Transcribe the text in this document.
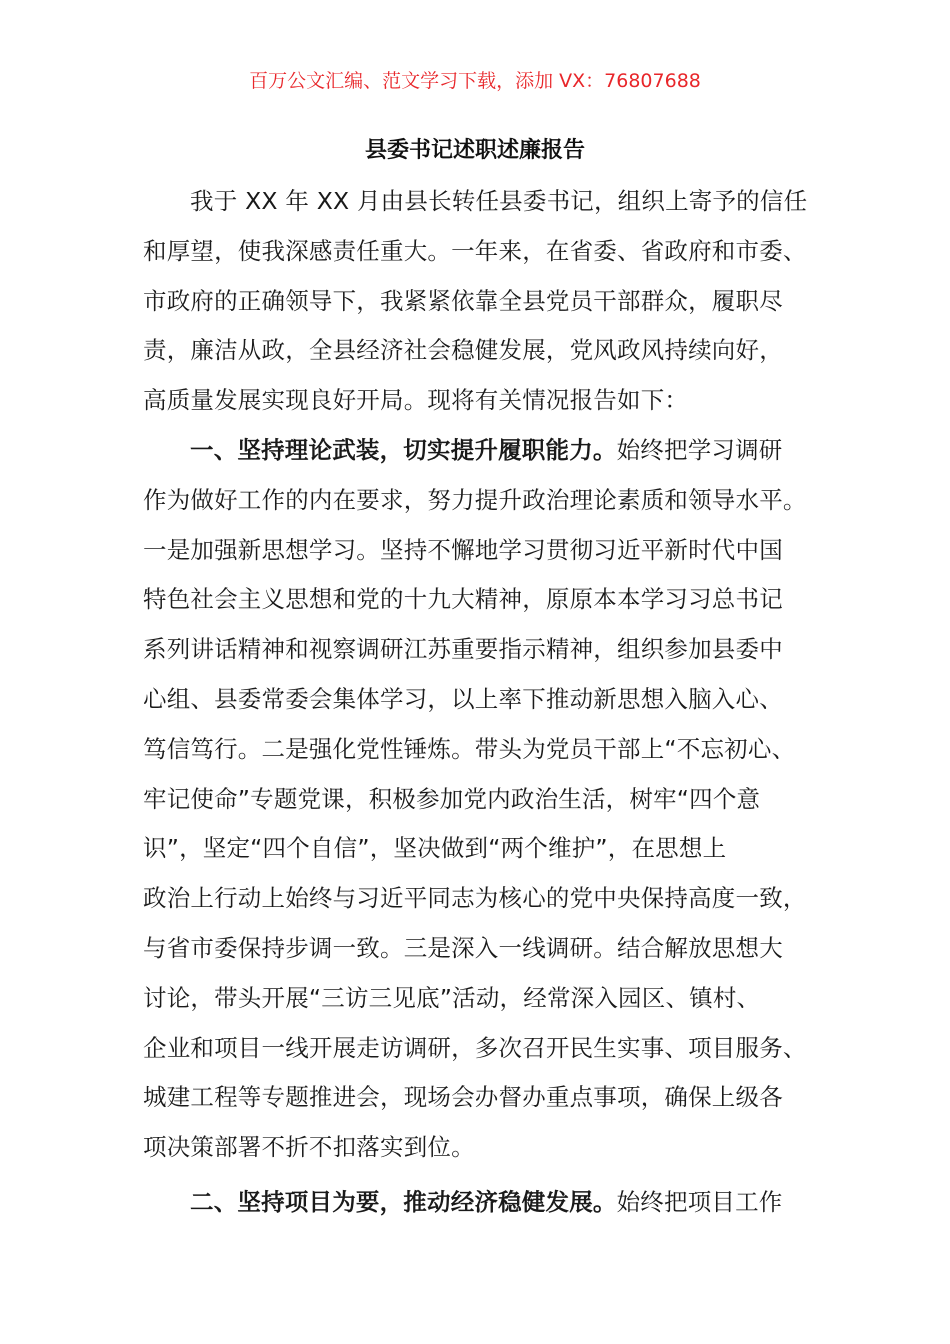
百万公文汇编、范文学习下载，添加 VX：76807688
县委书记述职述廉报告
我于 XX 年 XX 月由县长转任县委书记，组织上寄予的信任
和厚望，使我深感责任重大。一年来，在省委、省政府和市委、
市政府的正确领导下，我紧紧依靠全县党员干部群众，履职尽
责，廉洁从政，全县经济社会稳健发展，党风政风持续向好，
高质量发展实现良好开局。现将有关情况报告如下：
一、坚持理论武装，切实提升履职能力。始终把学习调研
作为做好工作的内在要求，努力提升政治理论素质和领导水平。
一是加强新思想学习。坚持不懈地学习贯彻习近平新时代中国
特色社会主义思想和党的十九大精神，原原本本学习习总书记
系列讲话精神和视察调研江苏重要指示精神，组织参加县委中
心组、县委常委会集体学习，以上率下推动新思想入脑入心、
笃信笃行。二是强化党性锤炼。带头为党员干部上“不忘初心、
牢记使命”专题党课，积极参加党内政治生活，树牢“四个意
识”，坚定“四个自信”，坚决做到“两个维护”，在思想上
政治上行动上始终与习近平同志为核心的党中央保持高度一致，
与省市委保持步调一致。三是深入一线调研。结合解放思想大
讨论，带头开展“三访三见底”活动，经常深入园区、镇村、
企业和项目一线开展走访调研，多次召开民生实事、项目服务、
城建工程等专题推进会，现场会办督办重点事项，确保上级各
项决策部署不折不扣落实到位。
二、坚持项目为要，推动经济稳健发展。始终把项目工作
